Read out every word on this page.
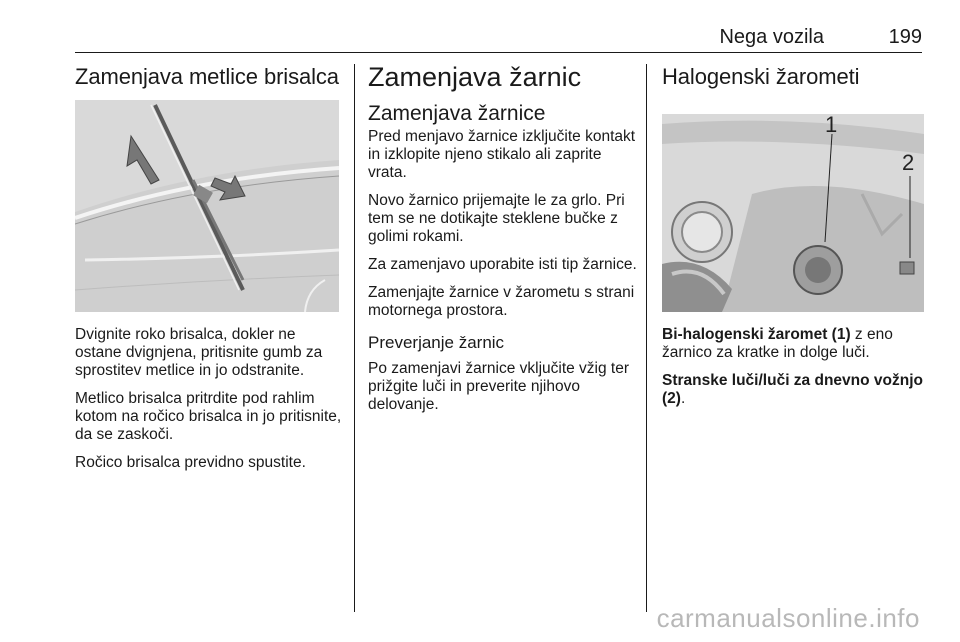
Nega vozila	199
Zamenjava metlice brisalca

Dvignite roko brisalca, dokler ne ostane dvignjena, pritisnite gumb za sprostitev metlice in jo odstranite.

Metlico brisalca pritrdite pod rahlim kotom na ročico brisalca in jo pritisnite, da se zaskoči.

Ročico brisalca previdno spustite.

Zamenjava žarnic
Zamenjava žarnice

Pred menjavo žarnice izključite kontakt in izklopite njeno stikalo ali zaprite vrata.

Novo žarnico prijemajte le za grlo. Pri tem se ne dotikajte steklene bučke z golimi rokami.

Za zamenjavo uporabite isti tip žarnice.

Zamenjajte žarnice v žarometu s strani motornega prostora.

Preverjanje žarnic

Po zamenjavi žarnice vključite vžig ter prižgite luči in preverite njihovo delovanje.

Halogenski žarometi
1
2

Bi-halogenski žaromet (1) z eno žarnico za kratke in dolge luči.

Stranske luči/luči za dnevno vožnjo (2).

carmanualsonline.info
